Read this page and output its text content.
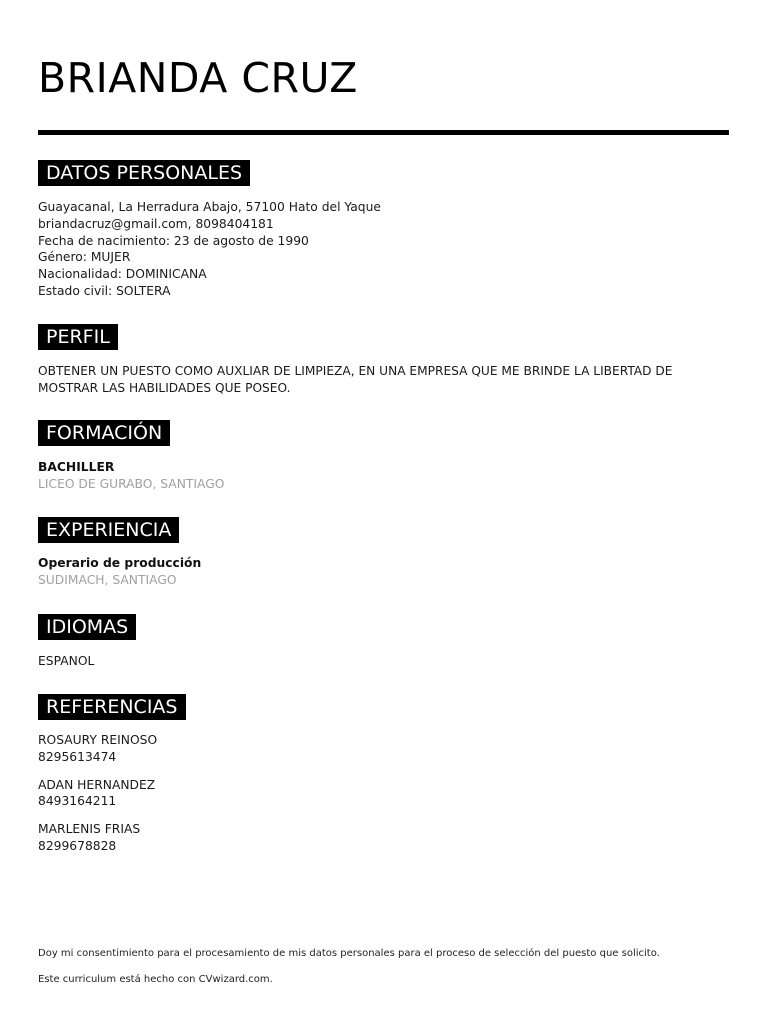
BRIANDA CRUZ
DATOS PERSONALES
Guayacanal, La Herradura Abajo, 57100 Hato del Yaque
briandacruz@gmail.com, 8098404181
Fecha de nacimiento: 23 de agosto de 1990
Género: MUJER
Nacionalidad: DOMINICANA
Estado civil: SOLTERA
PERFIL
OBTENER UN PUESTO COMO AUXLIAR DE LIMPIEZA, EN UNA EMPRESA QUE ME BRINDE LA LIBERTAD DE MOSTRAR LAS HABILIDADES QUE POSEO.
FORMACIÓN
BACHILLER
LICEO DE GURABO, SANTIAGO
EXPERIENCIA
Operario de producción
SUDIMACH, SANTIAGO
IDIOMAS
ESPANOL
REFERENCIAS
ROSAURY REINOSO
8295613474
ADAN HERNANDEZ
8493164211
MARLENIS FRIAS
8299678828
Doy mi consentimiento para el procesamiento de mis datos personales para el proceso de selección del puesto que solicito.
Este curriculum está hecho con CVwizard.com.
